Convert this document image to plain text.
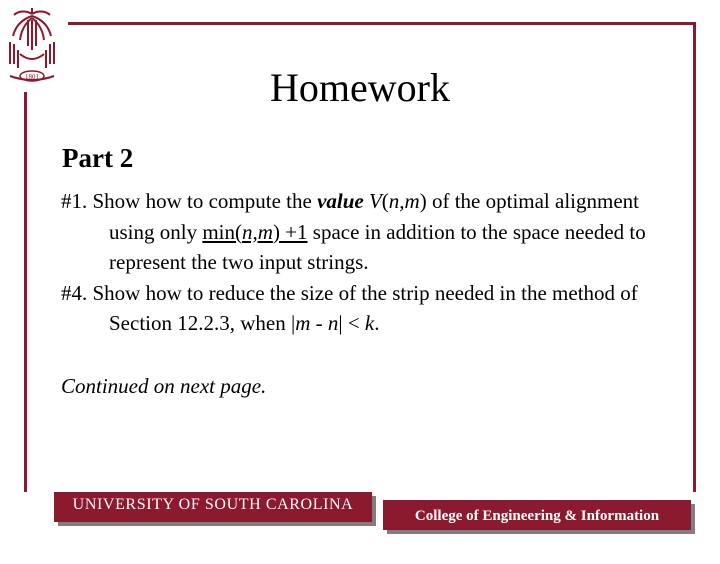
1801	Homework
Part 2

#1. Show how to compute the value V(n,m) of the optimal alignment using only min(n,m) +1 space in addition to the space needed to represent the two input strings.

#4. Show how to reduce the size of the strip needed in the method of Section 12.2.3, when |m - n| < k.

Continued on next page.
UNIVERSITY OF SOUTH CAROLINA
College of Engineering & Information Technology
